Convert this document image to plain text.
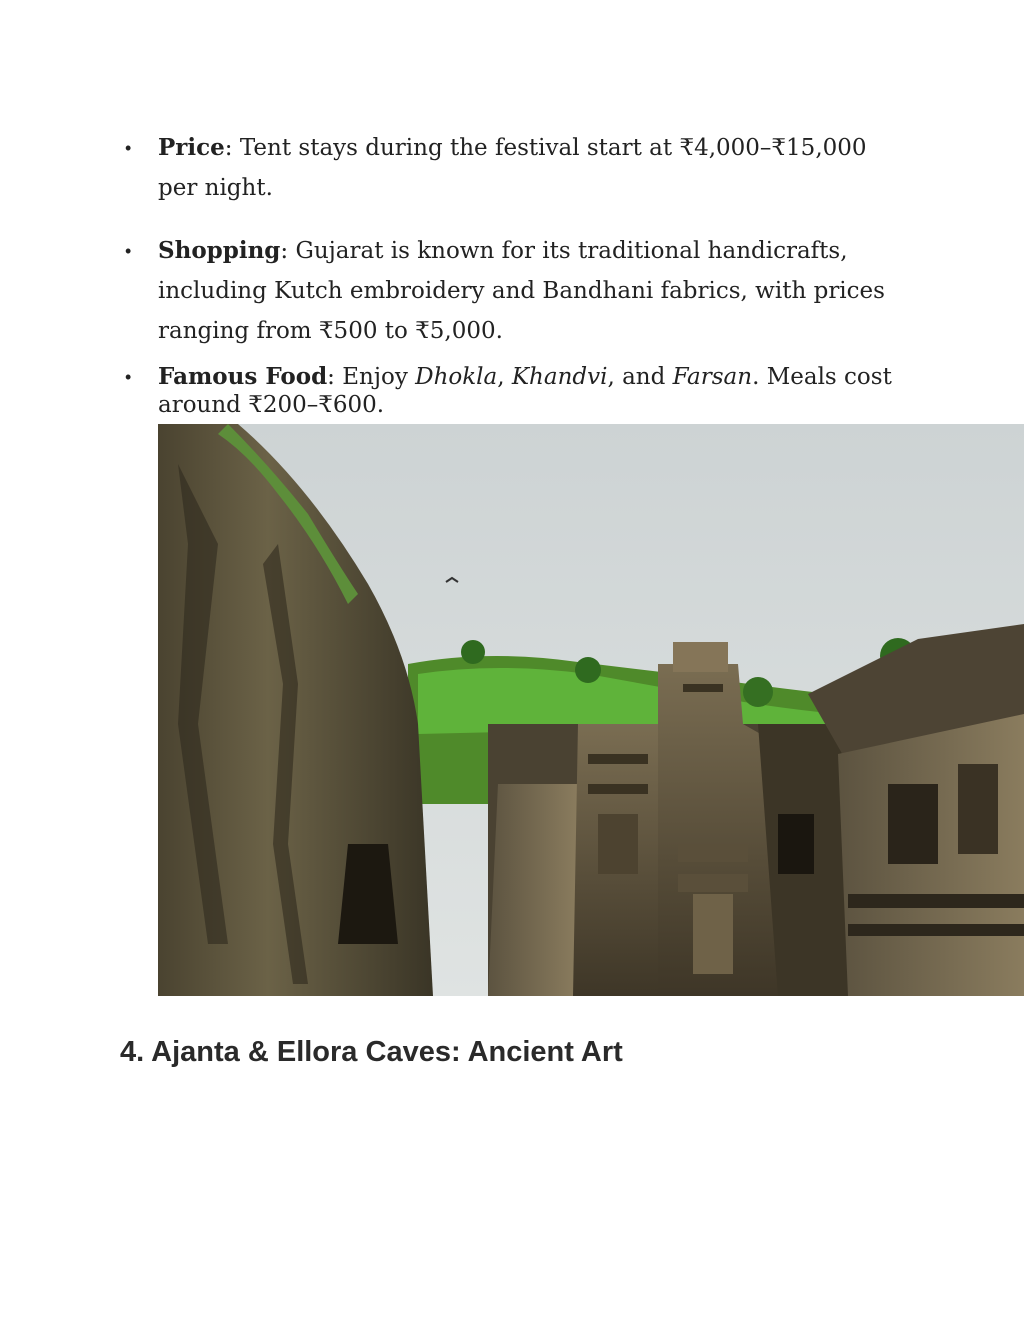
• Price: Tent stays during the festival start at ₹4,000–₹15,000 per night.
• Shopping: Gujarat is known for its traditional handicrafts,
including Kutch embroidery and Bandhani fabrics, with prices
ranging from ₹500 to ₹5,000.
• Famous Food: Enjoy Dhokla, Khandvi, and Farsan. Meals cost around ₹200–₹600.
4. Ajanta & Ellora Caves: Ancient Art
